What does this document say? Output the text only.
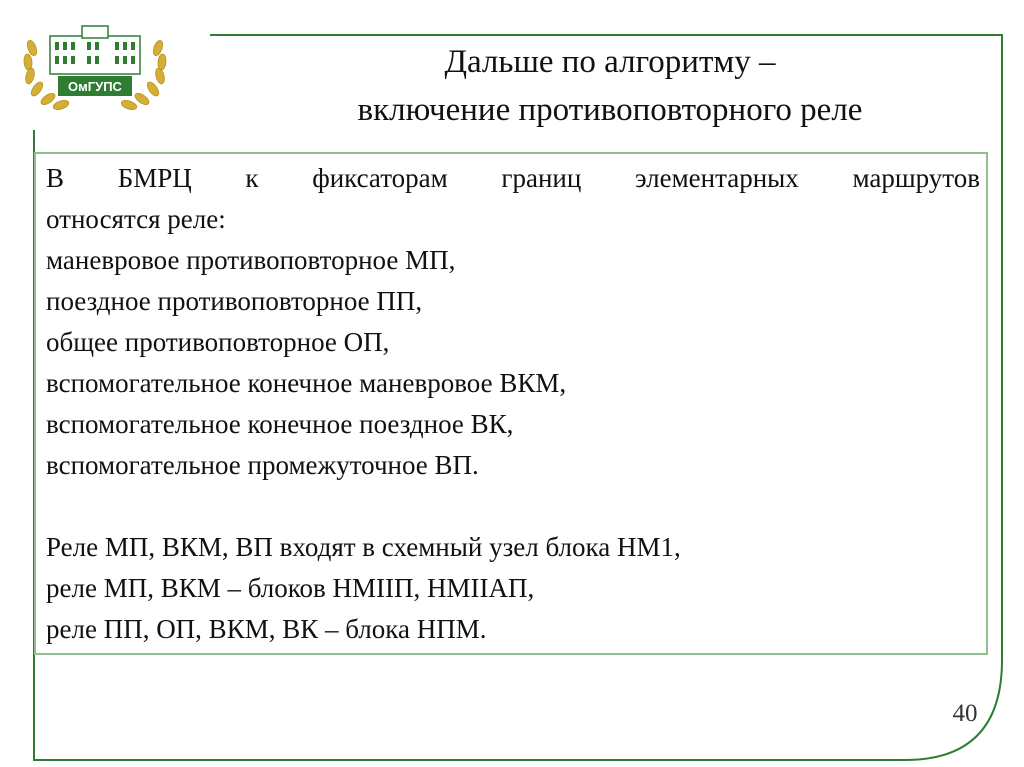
ОмГУПС
Дальше по алгоритму –
включение противоповторного реле
В БМРЦ к фиксаторам границ элементарных маршрутов
относятся реле:
маневровое противоповторное МП,
поездное противоповторное ПП,
общее противоповторное ОП,
вспомогательное конечное маневровое ВКМ,
вспомогательное конечное поездное ВК,
вспомогательное промежуточное ВП.
Реле МП, ВКМ, ВП входят в схемный узел блока НМ1,
реле МП, ВКМ – блоков НМIIП, НМIIАП,
реле ПП, ОП, ВКМ, ВК – блока НПМ.
40
